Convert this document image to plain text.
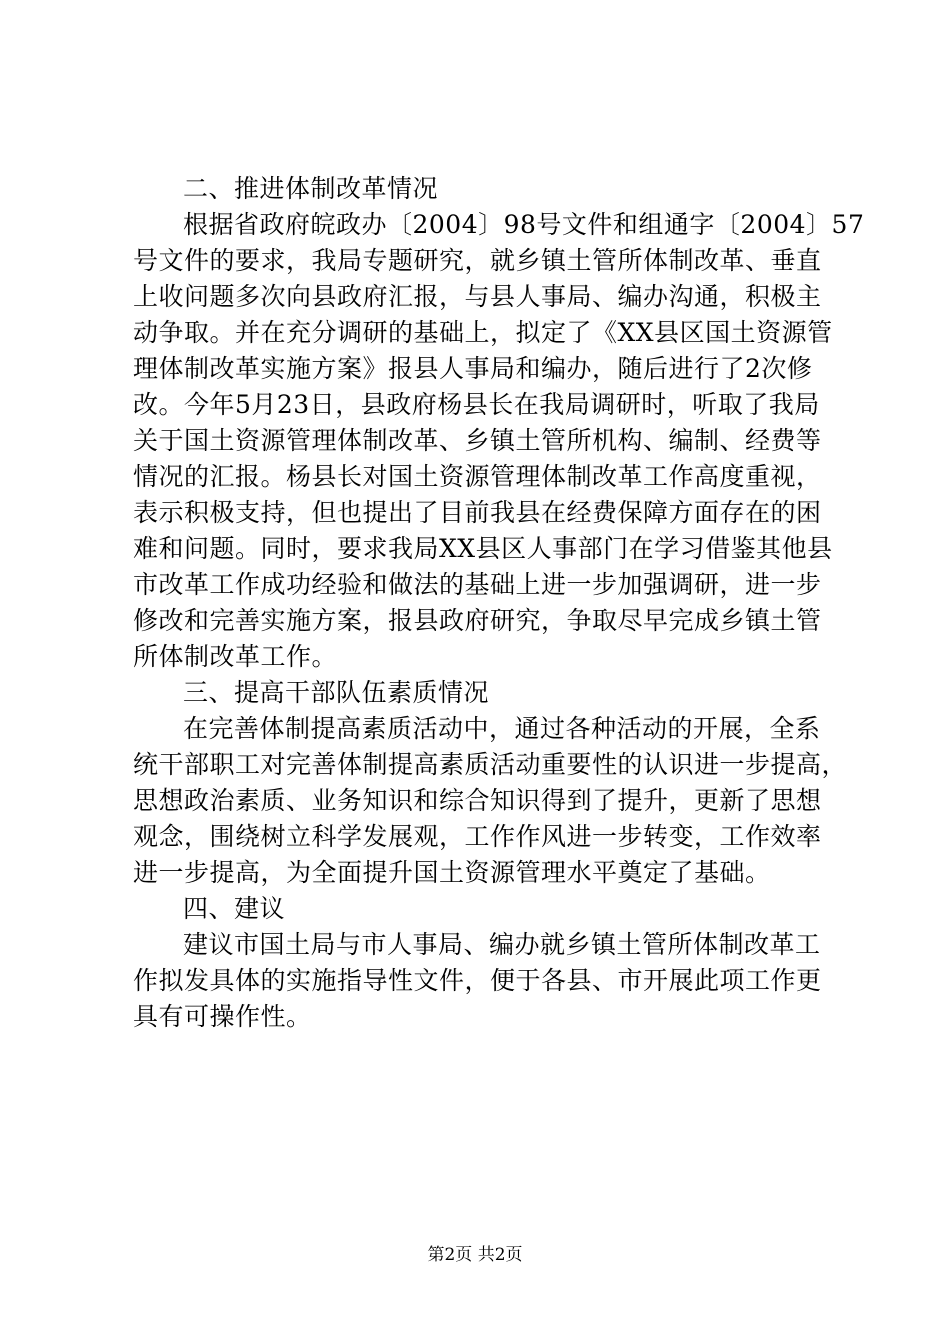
二、推进体制改革情况
根据省政府皖政办〔2004〕98号文件和组通字〔2004〕57
号文件的要求，我局专题研究，就乡镇土管所体制改革、垂直
上收问题多次向县政府汇报，与县人事局、编办沟通，积极主
动争取。并在充分调研的基础上，拟定了《XX县区国土资源管
理体制改革实施方案》报县人事局和编办，随后进行了2次修
改。今年5月23日，县政府杨县长在我局调研时，听取了我局
关于国土资源管理体制改革、乡镇土管所机构、编制、经费等
情况的汇报。杨县长对国土资源管理体制改革工作高度重视，
表示积极支持，但也提出了目前我县在经费保障方面存在的困
难和问题。同时，要求我局XX县区人事部门在学习借鉴其他县
市改革工作成功经验和做法的基础上进一步加强调研，进一步
修改和完善实施方案，报县政府研究，争取尽早完成乡镇土管
所体制改革工作。
三、提高干部队伍素质情况
在完善体制提高素质活动中，通过各种活动的开展，全系
统干部职工对完善体制提高素质活动重要性的认识进一步提高，
思想政治素质、业务知识和综合知识得到了提升，更新了思想
观念，围绕树立科学发展观，工作作风进一步转变，工作效率
进一步提高，为全面提升国土资源管理水平奠定了基础。
四、建议
建议市国土局与市人事局、编办就乡镇土管所体制改革工
作拟发具体的实施指导性文件，便于各县、市开展此项工作更
具有可操作性。
第2页 共2页
